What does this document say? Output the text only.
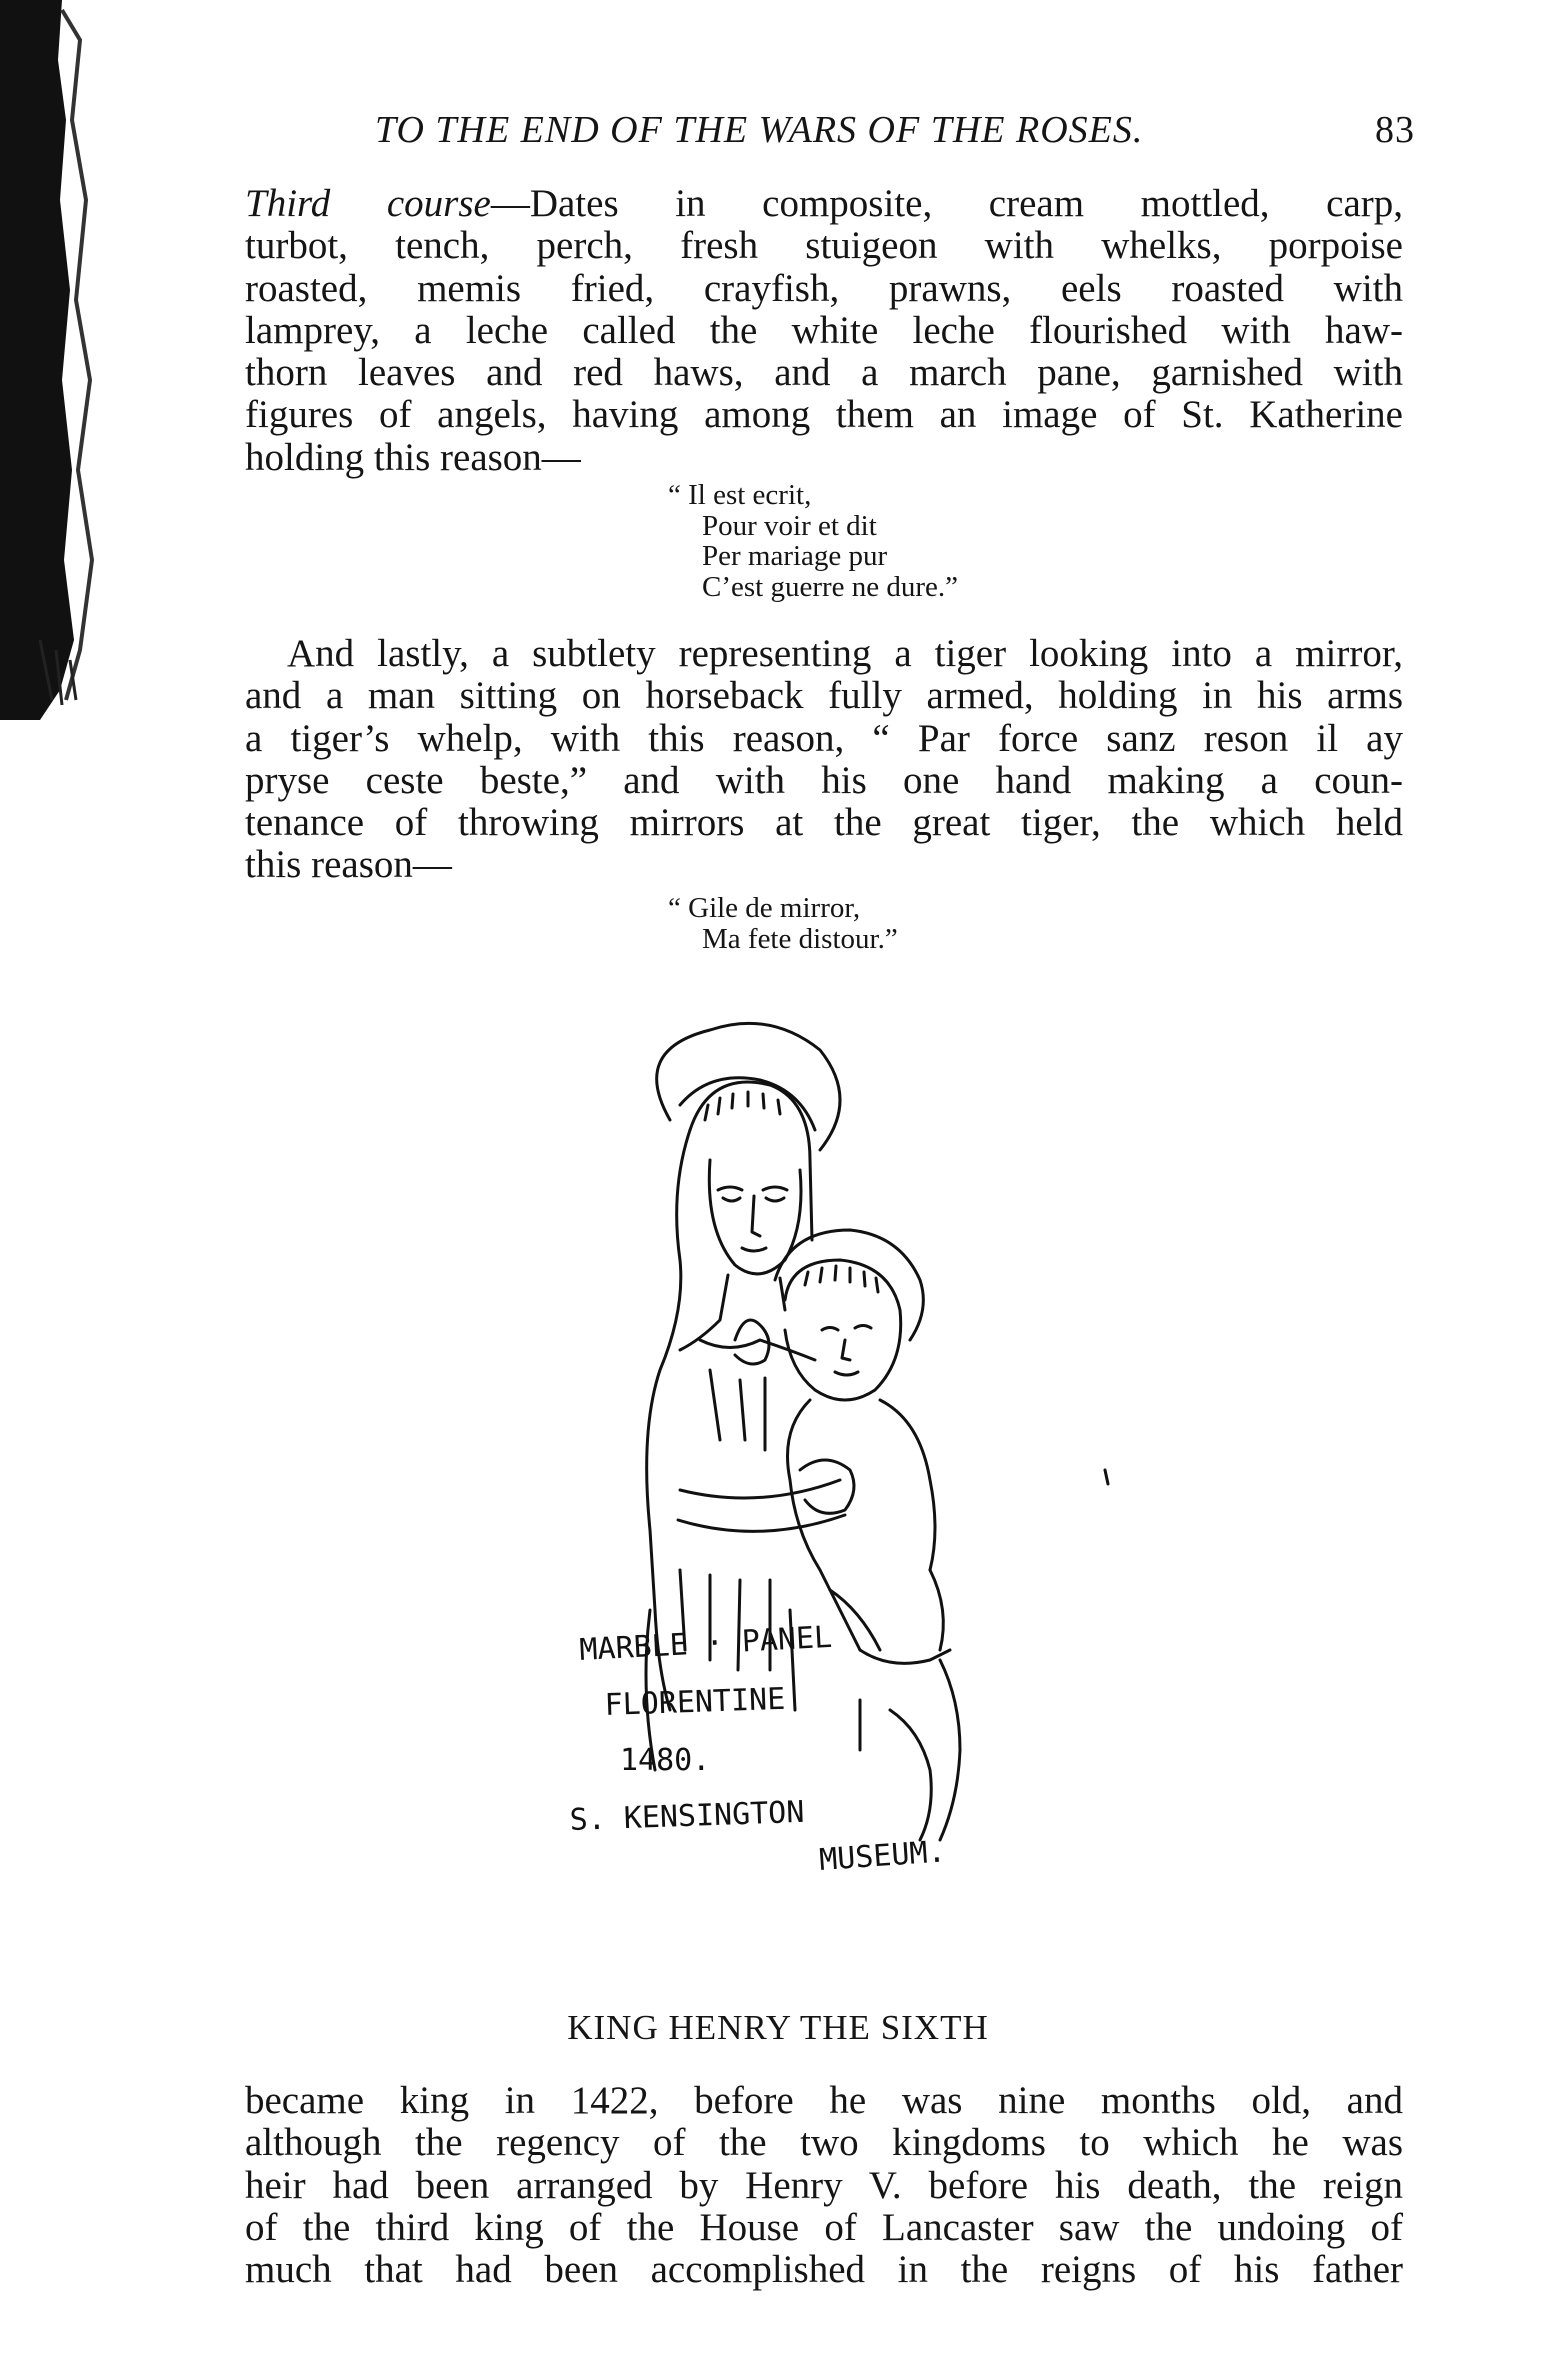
TO THE END OF THE WARS OF THE ROSES.	83
Third course—Dates in composite, cream mottled, carp,
turbot, tench, perch, fresh stuigeon with whelks, porpoise
roasted, memis fried, crayfish, prawns, eels roasted with
lamprey, a leche called the white leche flourished with haw-
thorn leaves and red haws, and a march pane, garnished with
figures of angels, having among them an image of St. Katherine
holding this reason—
“ Il est ecrit,
Pour voir et dit
Per mariage pur
C’est guerre ne dure.”
And lastly, a subtlety representing a tiger looking into a mirror,
and a man sitting on horseback fully armed, holding in his arms
a tiger’s whelp, with this reason, “ Par force sanz reson il ay
pryse ceste beste,” and with his one hand making a coun-
tenance of throwing mirrors at the great tiger, the which held
this reason—
“ Gile de mirror,
Ma fete distour.”
MARBLE · PANEL
FLORENTINE
1480.
S. KENSINGTON
MUSEUM.
KING HENRY THE SIXTH
became king in 1422, before he was nine months old, and
although the regency of the two kingdoms to which he was
heir had been arranged by Henry V. before his death, the reign
of the third king of the House of Lancaster saw the undoing of
much that had been accomplished in the reigns of his father
